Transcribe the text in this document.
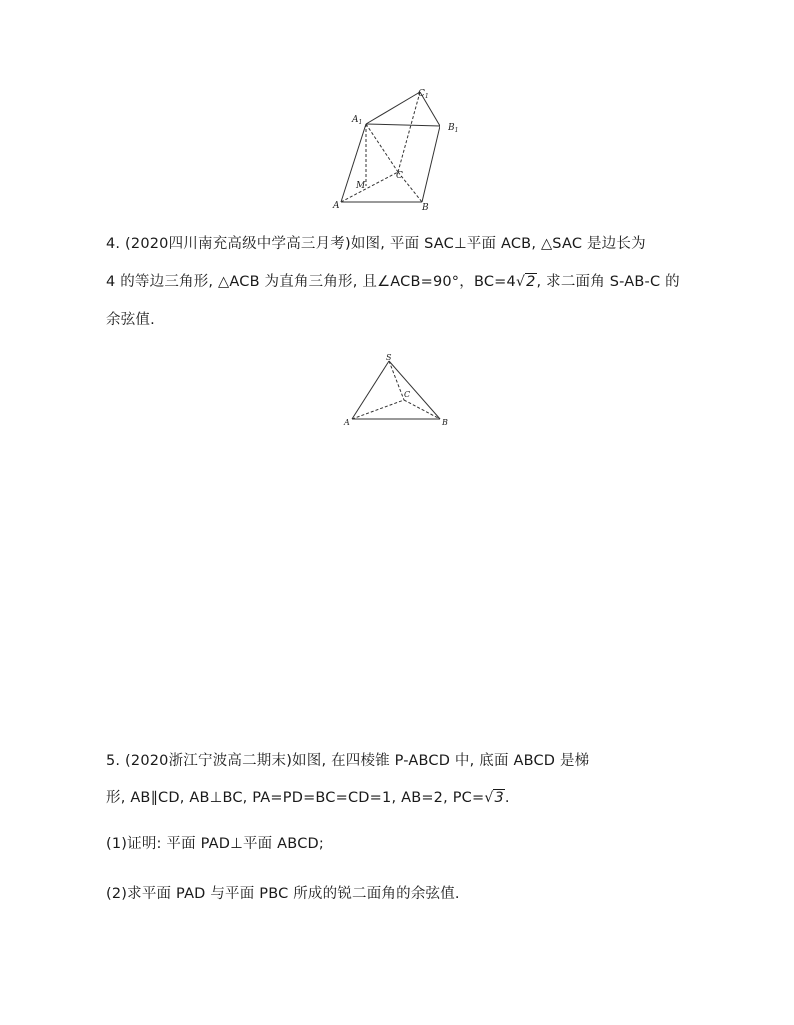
$C_1$
$A_1$
C
M
A	B
$B_1$
4. (2020四川南充高级中学高三月考)如图, 平面 SAC⊥平面 ACB, △SAC 是边长为
4 的等边三角形, △ACB 为直角三角形, 且∠ACB=90°，BC=4√2, 求二面角 S-AB-C 的
余弦值.
S
A	B
C
5. (2020浙江宁波高二期末)如图, 在四棱锥 P-ABCD 中, 底面 ABCD 是梯
形, AB∥CD, AB⊥BC, PA=PD=BC=CD=1, AB=2, PC=√3.
(1)证明: 平面 PAD⊥平面 ABCD;
(2)求平面 PAD 与平面 PBC 所成的锐二面角的余弦值.
